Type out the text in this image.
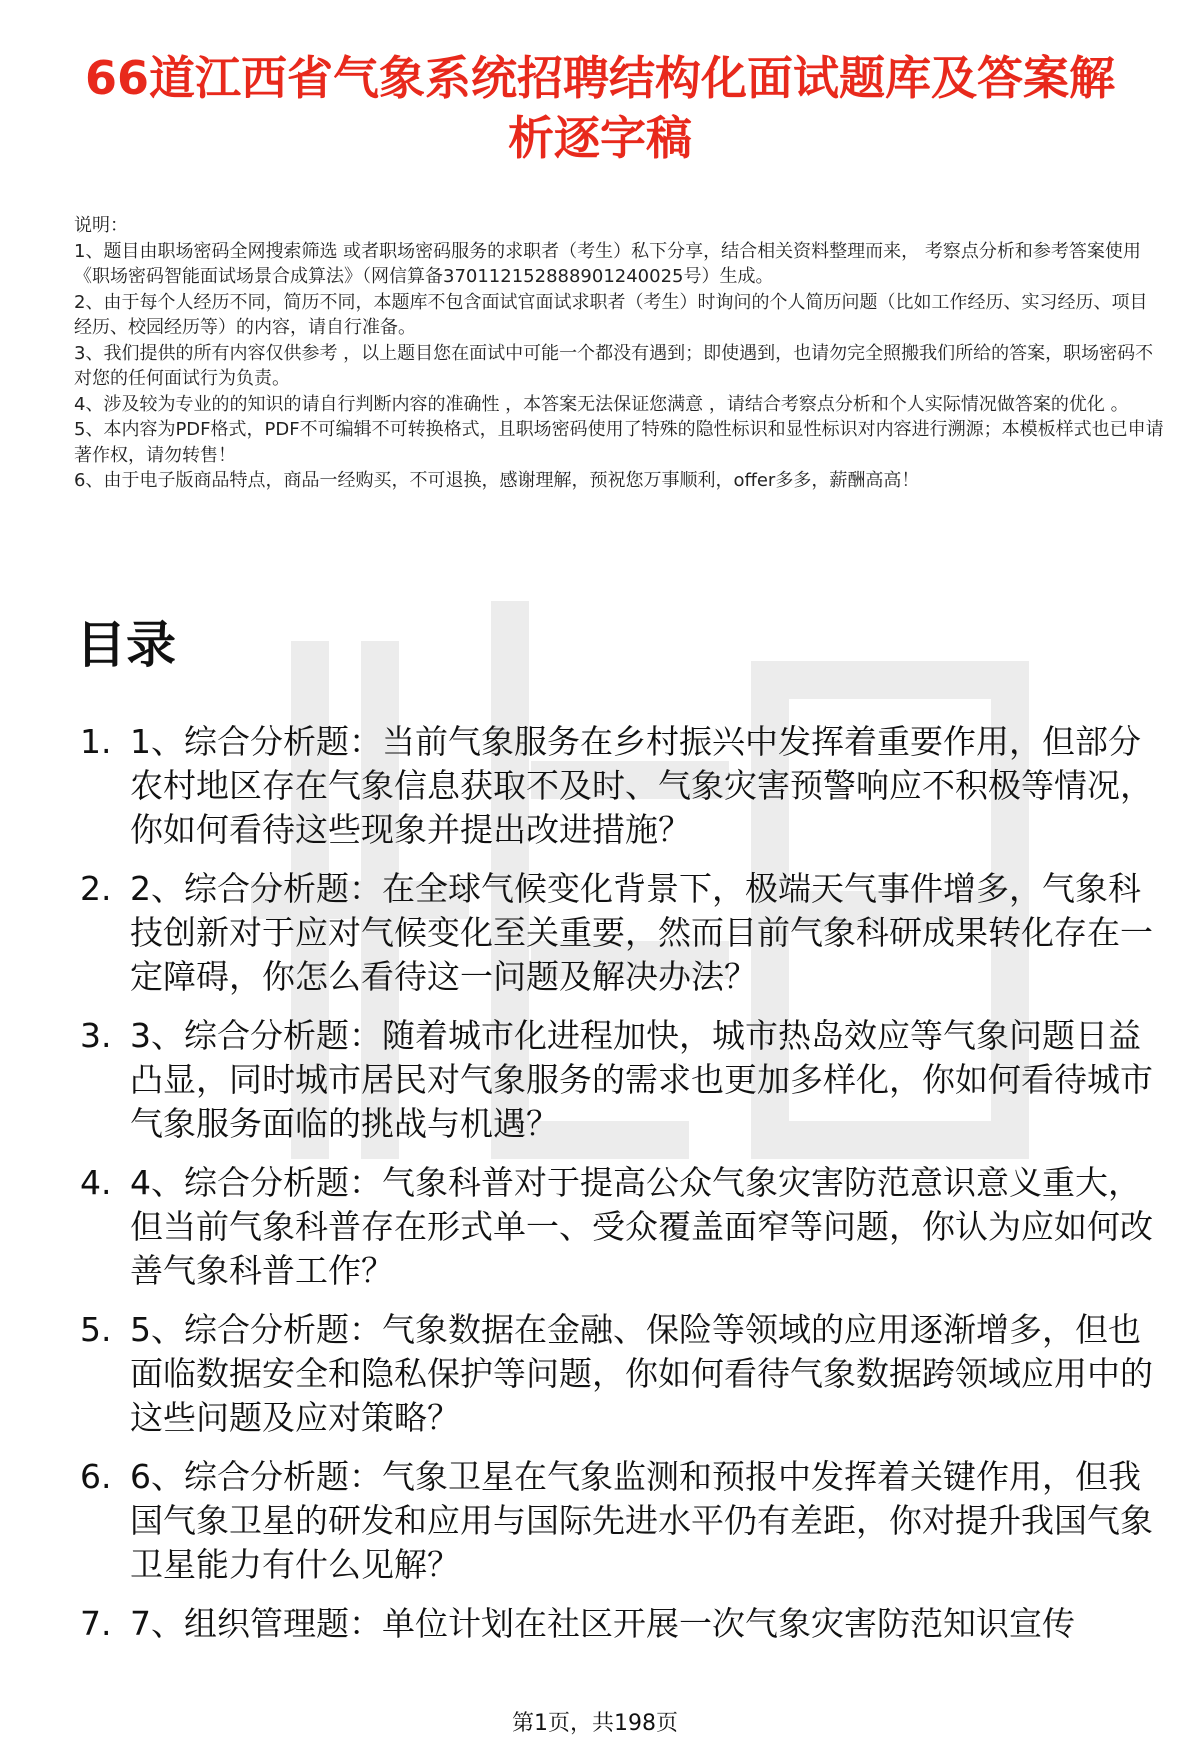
66道江西省气象系统招聘结构化面试题库及答案解析逐字稿

说明：

1、题目由职场密码全网搜索筛选 或者职场密码服务的求职者（考生）私下分享，结合相关资料整理而来， 考察点分析和参考答案使用《职场密码智能面试场景合成算法》（网信算备370112152888901240025号）生成。

2、由于每个人经历不同，简历不同，本题库不包含面试官面试求职者（考生）时询问的个人简历问题（比如工作经历、实习经历、项目经历、校园经历等）的内容，请自行准备。

3、我们提供的所有内容仅供参考 ，以上题目您在面试中可能一个都没有遇到；即使遇到，也请勿完全照搬我们所给的答案，职场密码不对您的任何面试行为负责。

4、涉及较为专业的的知识的请自行判断内容的准确性 ，本答案无法保证您满意 ，请结合考察点分析和个人实际情况做答案的优化 。

5、本内容为PDF格式，PDF不可编辑不可转换格式，且职场密码使用了特殊的隐性标识和显性标识对内容进行溯源；本模板样式也已申请著作权，请勿转售！

6、由于电子版商品特点，商品一经购买，不可退换，感谢理解，预祝您万事顺利，offer多多，薪酬高高！

目录
1. 1、综合分析题：当前气象服务在乡村振兴中发挥着重要作用，但部分农村地区存在气象信息获取不及时、气象灾害预警响应不积极等情况，你如何看待这些现象并提出改进措施？
2. 2、综合分析题：在全球气候变化背景下，极端天气事件增多，气象科技创新对于应对气候变化至关重要，然而目前气象科研成果转化存在一定障碍，你怎么看待这一问题及解决办法？
3. 3、综合分析题：随着城市化进程加快，城市热岛效应等气象问题日益凸显，同时城市居民对气象服务的需求也更加多样化，你如何看待城市气象服务面临的挑战与机遇？
4. 4、综合分析题：气象科普对于提高公众气象灾害防范意识意义重大，但当前气象科普存在形式单一、受众覆盖面窄等问题，你认为应如何改善气象科普工作？
5. 5、综合分析题：气象数据在金融、保险等领域的应用逐渐增多，但也面临数据安全和隐私保护等问题，你如何看待气象数据跨领域应用中的这些问题及应对策略？
6. 6、综合分析题：气象卫星在气象监测和预报中发挥着关键作用，但我国气象卫星的研发和应用与国际先进水平仍有差距，你对提升我国气象卫星能力有什么见解？
7. 7、组织管理题：单位计划在社区开展一次气象灾害防范知识宣传
第1页，共198页
